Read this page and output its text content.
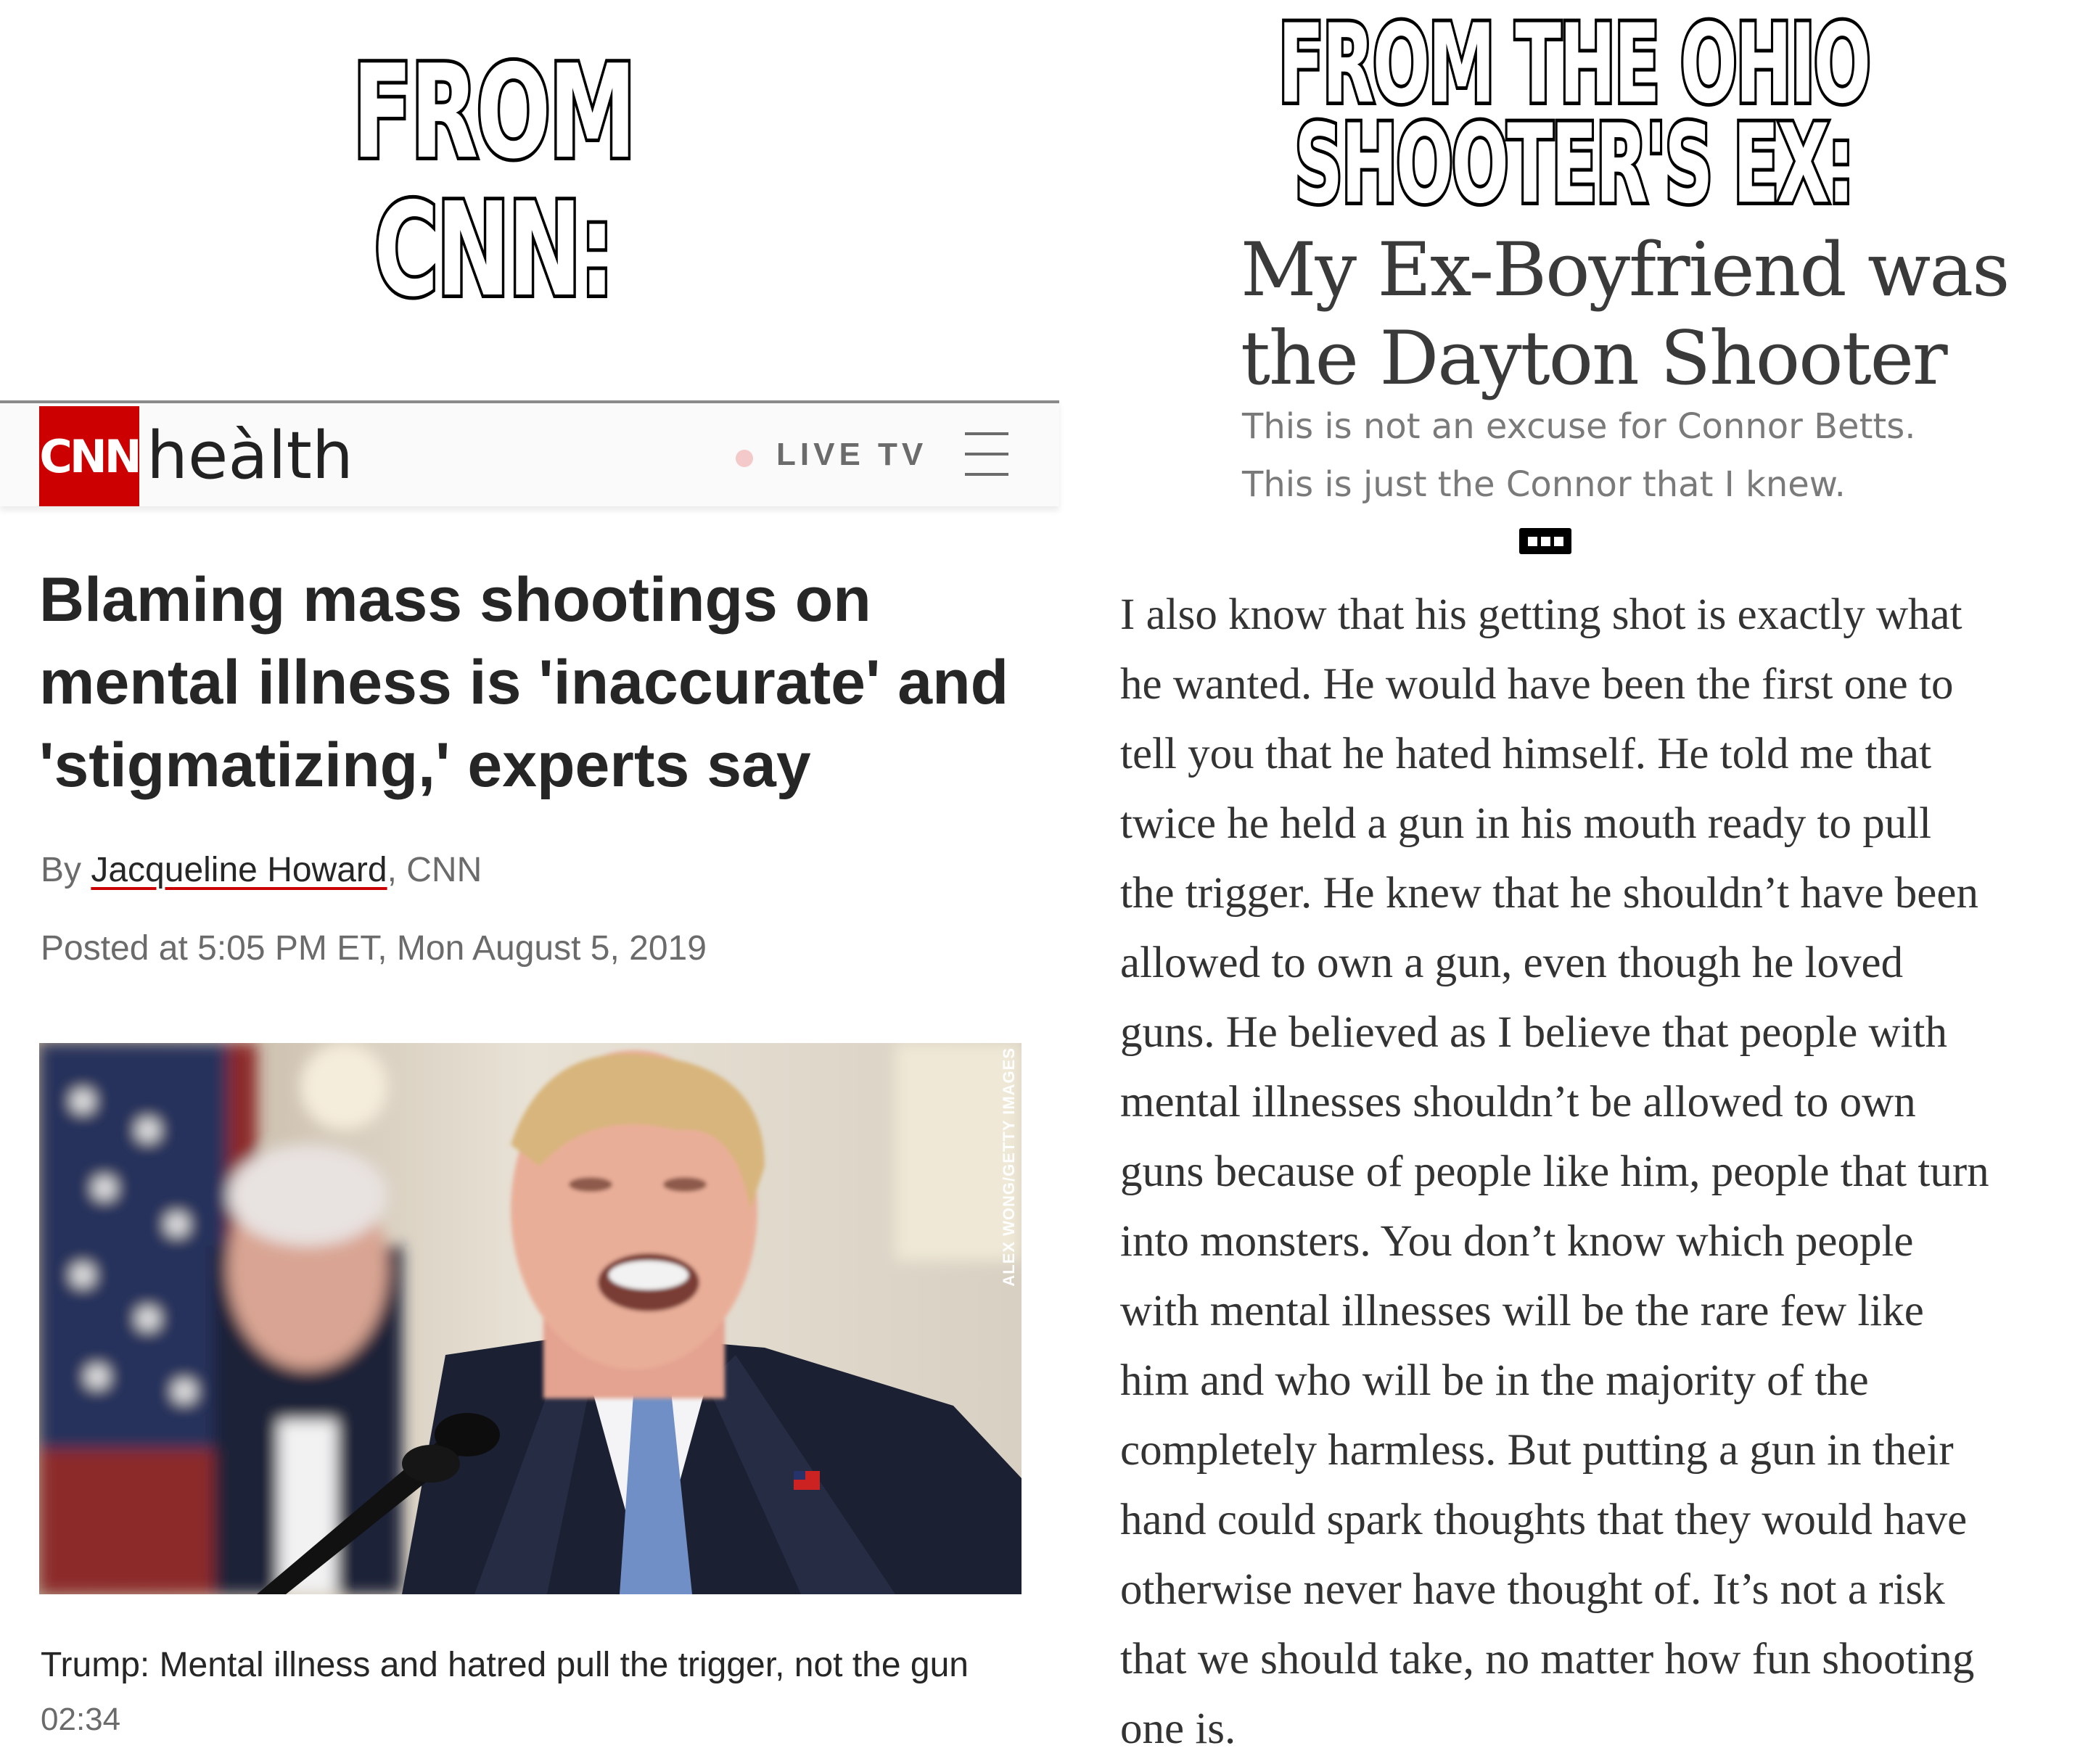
FROM CNN:
CNN heàlth	LIVE TV
Blaming mass shootings on mental illness is 'inaccurate' and 'stigmatizing,' experts say
By Jacqueline Howard, CNN
Posted at 5:05 PM ET, Mon August 5, 2019
ALEX WONG/GETTY IMAGES
Trump: Mental illness and hatred pull the trigger, not the gun
02:34
FROM THE OHIO
SHOOTER'S EX:
My Ex-Boyfriend was
the Dayton Shooter
This is not an excuse for Connor Betts.
This is just the Connor that I knew.
I also know that his getting shot is exactly what
he wanted. He would have been the first one to
tell you that he hated himself. He told me that
twice he held a gun in his mouth ready to pull
the trigger. He knew that he shouldn’t have been
allowed to own a gun, even though he loved
guns. He believed as I believe that people with
mental illnesses shouldn’t be allowed to own
guns because of people like him, people that turn
into monsters. You don’t know which people
with mental illnesses will be the rare few like
him and who will be in the majority of the
completely harmless. But putting a gun in their
hand could spark thoughts that they would have
otherwise never have thought of. It’s not a risk
that we should take, no matter how fun shooting
one is.
